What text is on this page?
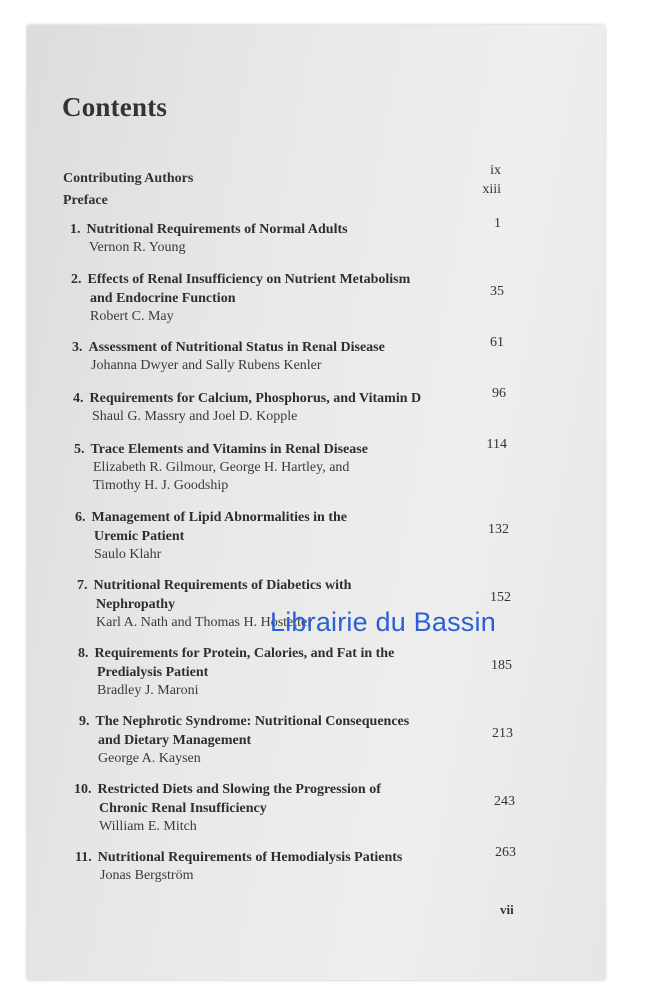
Contents
Contributing Authors
ix
Preface
xiii
1. Nutritional Requirements of Normal Adults
Vernon R. Young
1
2. Effects of Renal Insufficiency on Nutrient Metabolism
and Endocrine Function
Robert C. May
35
3. Assessment of Nutritional Status in Renal Disease
Johanna Dwyer and Sally Rubens Kenler
61
4. Requirements for Calcium, Phosphorus, and Vitamin D
Shaul G. Massry and Joel D. Kopple
96
5. Trace Elements and Vitamins in Renal Disease
Elizabeth R. Gilmour, George H. Hartley, and
Timothy H. J. Goodship
114
6. Management of Lipid Abnormalities in the
Uremic Patient
Saulo Klahr
132
7. Nutritional Requirements of Diabetics with
Nephropathy
Karl A. Nath and Thomas H. Hostetter
152
8. Requirements for Protein, Calories, and Fat in the
Predialysis Patient
Bradley J. Maroni
185
9. The Nephrotic Syndrome: Nutritional Consequences
and Dietary Management
George A. Kaysen
213
10. Restricted Diets and Slowing the Progression of
Chronic Renal Insufficiency
William E. Mitch
243
11. Nutritional Requirements of Hemodialysis Patients
Jonas Bergström
263
vii
Librairie du Bassin
